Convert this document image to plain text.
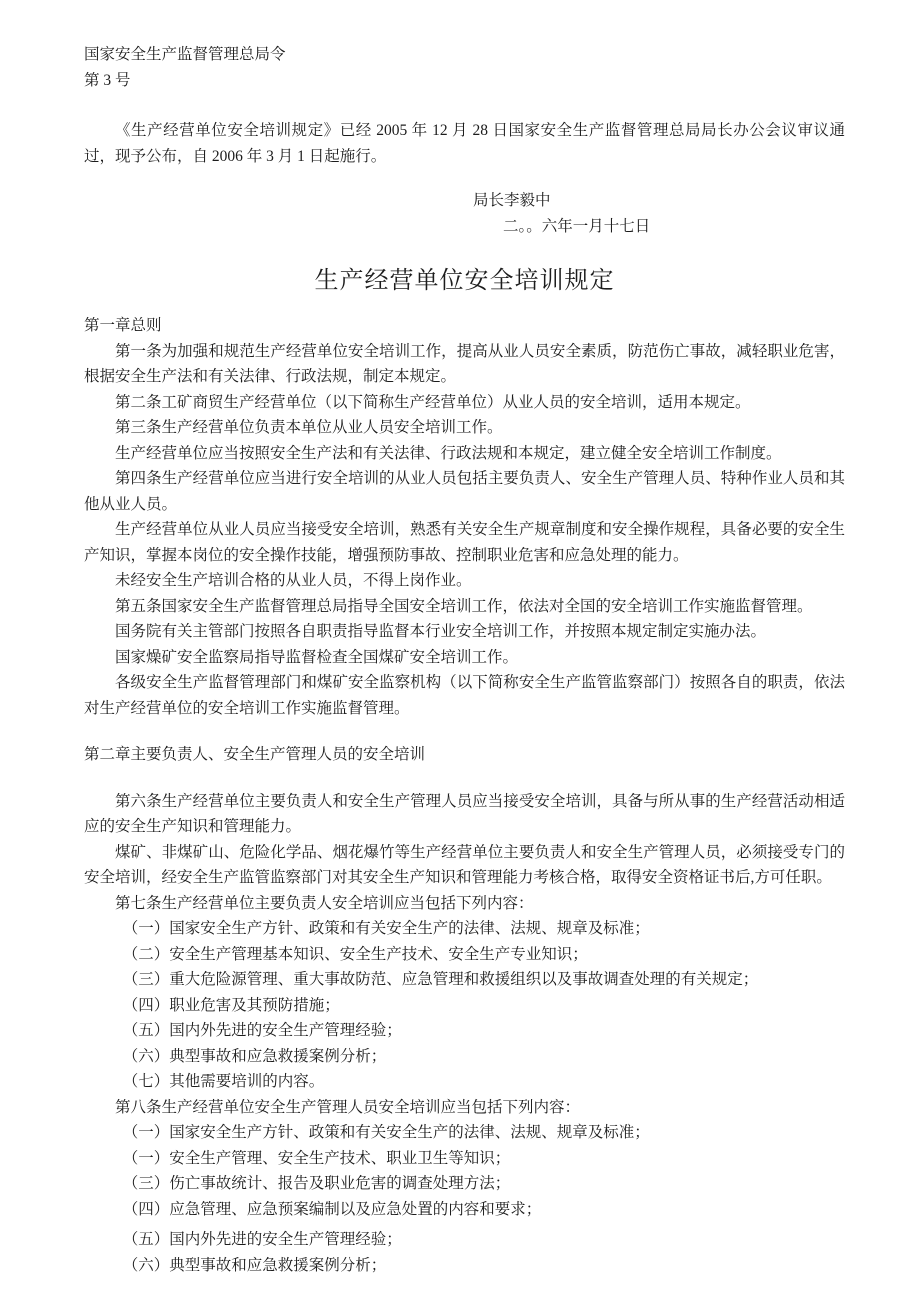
国家安全生产监督管理总局令

第 3 号

《生产经营单位安全培训规定》已经 2005 年 12 月 28 日国家安全生产监督管理总局局长办公会议审议通过，现予公布，自 2006 年 3 月 1 日起施行。

局长李毅中

二。。六年一月十七日

生产经营单位安全培训规定

第一章总则

第一条为加强和规范生产经营单位安全培训工作，提高从业人员安全素质，防范伤亡事故，减轻职业危害，根据安全生产法和有关法律、行政法规，制定本规定。

第二条工矿商贸生产经营单位（以下简称生产经营单位）从业人员的安全培训，适用本规定。

第三条生产经营单位负责本单位从业人员安全培训工作。

生产经营单位应当按照安全生产法和有关法律、行政法规和本规定，建立健全安全培训工作制度。

第四条生产经营单位应当进行安全培训的从业人员包括主要负责人、安全生产管理人员、特种作业人员和其他从业人员。

生产经营单位从业人员应当接受安全培训，熟悉有关安全生产规章制度和安全操作规程，具备必要的安全生产知识，掌握本岗位的安全操作技能，增强预防事故、控制职业危害和应急处理的能力。

未经安全生产培训合格的从业人员，不得上岗作业。

第五条国家安全生产监督管理总局指导全国安全培训工作，依法对全国的安全培训工作实施监督管理。

国务院有关主管部门按照各自职责指导监督本行业安全培训工作，并按照本规定制定实施办法。

国家燥矿安全监察局指导监督检查全国煤矿安全培训工作。

各级安全生产监督管理部门和煤矿安全监察机构（以下简称安全生产监管监察部门）按照各自的职责，依法对生产经营单位的安全培训工作实施监督管理。

第二章主要负责人、安全生产管理人员的安全培训

第六条生产经营单位主要负责人和安全生产管理人员应当接受安全培训，具备与所从事的生产经营活动相适应的安全生产知识和管理能力。

煤矿、非煤矿山、危险化学品、烟花爆竹等生产经营单位主要负责人和安全生产管理人员，必须接受专门的安全培训，经安全生产监管监察部门对其安全生产知识和管理能力考核合格，取得安全资格证书后,方可任职。

第七条生产经营单位主要负责人安全培训应当包括下列内容：

（一）国家安全生产方针、政策和有关安全生产的法律、法规、规章及标准；

（二）安全生产管理基本知识、安全生产技术、安全生产专业知识；

（三）重大危险源管理、重大事故防范、应急管理和救援组织以及事故调查处理的有关规定；

（四）职业危害及其预防措施；

（五）国内外先进的安全生产管理经验；

（六）典型事故和应急救援案例分析；

（七）其他需要培训的内容。

第八条生产经营单位安全生产管理人员安全培训应当包括下列内容：

（一）国家安全生产方针、政策和有关安全生产的法律、法规、规章及标准；

（一）安全生产管理、安全生产技术、职业卫生等知识；

（三）伤亡事故统计、报告及职业危害的调查处理方法；

（四）应急管理、应急预案编制以及应急处置的内容和要求；

（五）国内外先进的安全生产管理经验；

（六）典型事故和应急救援案例分析；
